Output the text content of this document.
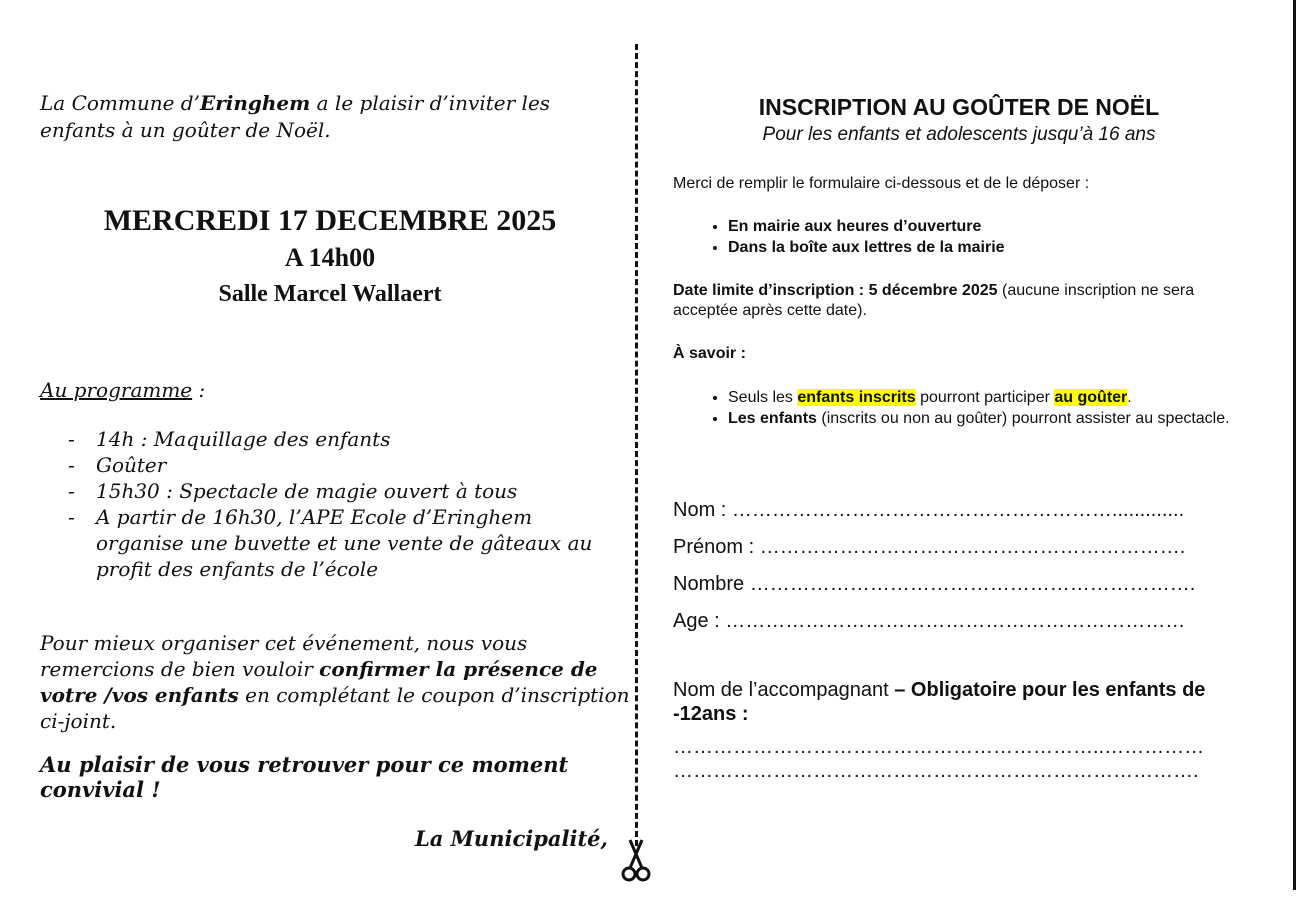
La Commune d’Eringhem a le plaisir d’inviter les enfants à un goûter de Noël.
MERCREDI 17 DECEMBRE 2025
A 14h00
Salle Marcel Wallaert
Au programme :
- 14h : Maquillage des enfants
- Goûter
- 15h30 : Spectacle de magie ouvert à tous
- A partir de 16h30, l’APE Ecole d’Eringhem organise une buvette et une vente de gâteaux au profit des enfants de l’école
Pour mieux organiser cet événement, nous vous remercions de bien vouloir confirmer la présence de votre /vos enfants en complétant le coupon d’inscription ci-joint.
Au plaisir de vous retrouver pour ce moment convivial !
La Municipalité,
INSCRIPTION AU GOÛTER DE NOËL
Pour les enfants et adolescents jusqu’à 16 ans
Merci de remplir le formulaire ci-dessous et de le déposer :
• En mairie aux heures d’ouverture
• Dans la boîte aux lettres de la mairie
Date limite d’inscription : 5 décembre 2025 (aucune inscription ne sera acceptée après cette date).
À savoir :
• Seuls les enfants inscrits pourront participer au goûter.
• Les enfants (inscrits ou non au goûter) pourront assister au spectacle.
Nom : ………………………………………………….............
Prénom : ……………………………………………………….
Nombre ………………………………………………………….
Age : ……………………………………………………………
Nom de l’accompagnant – Obligatoire pour les enfants de -12ans :
………………………………………………………..……………
…………………………………………………………………….
